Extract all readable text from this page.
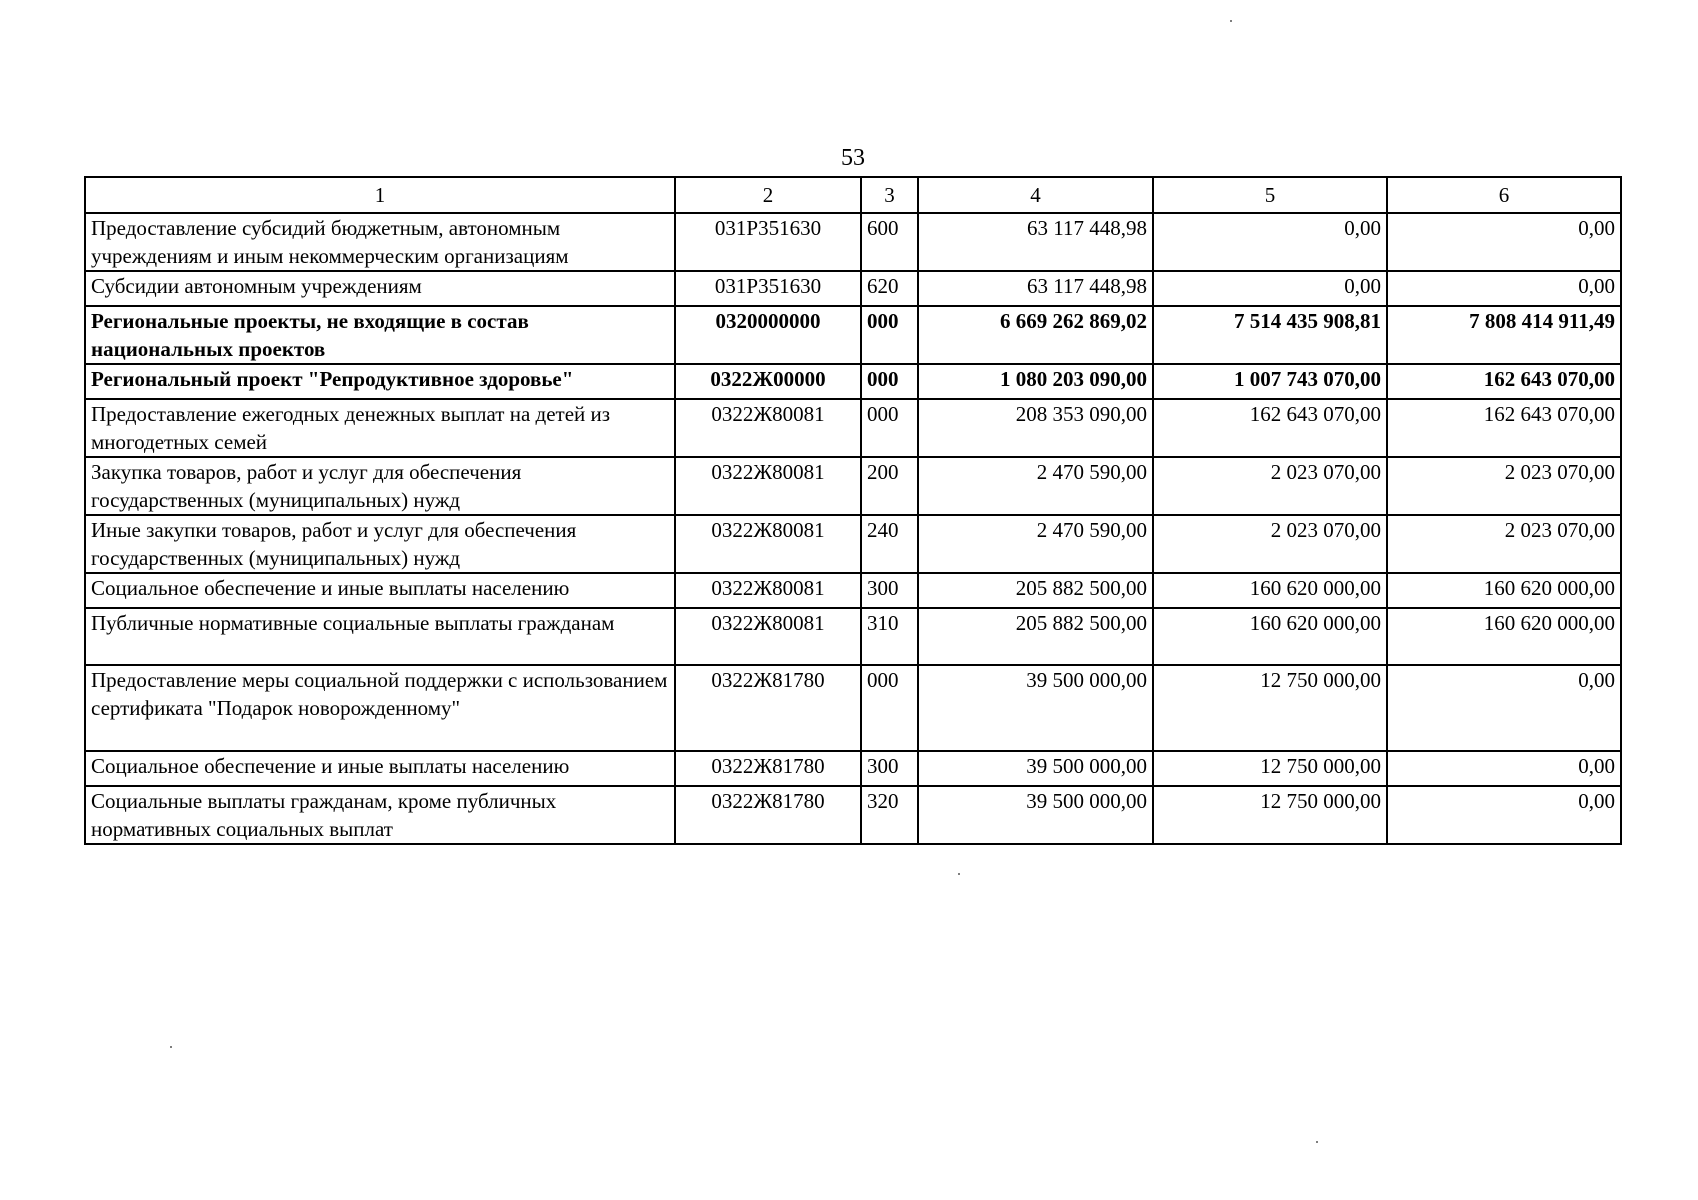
53
1	2	3	4	5	6
Предоставление субсидий бюджетным, автономным учреждениям и иным некоммерческим организациям	031P351630	600	63 117 448,98	0,00	0,00
Субсидии автономным учреждениям	031P351630	620	63 117 448,98	0,00	0,00
Региональные проекты, не входящие в состав национальных проектов	0320000000	000	6 669 262 869,02	7 514 435 908,81	7 808 414 911,49
Региональный проект "Репродуктивное здоровье"	0322Ж00000	000	1 080 203 090,00	1 007 743 070,00	162 643 070,00
Предоставление ежегодных денежных выплат на детей из многодетных семей	0322Ж80081	000	208 353 090,00	162 643 070,00	162 643 070,00
Закупка товаров, работ и услуг для обеспечения государственных (муниципальных) нужд	0322Ж80081	200	2 470 590,00	2 023 070,00	2 023 070,00
Иные закупки товаров, работ и услуг для обеспечения государственных (муниципальных) нужд	0322Ж80081	240	2 470 590,00	2 023 070,00	2 023 070,00
Социальное обеспечение и иные выплаты населению	0322Ж80081	300	205 882 500,00	160 620 000,00	160 620 000,00
Публичные нормативные социальные выплаты гражданам	0322Ж80081	310	205 882 500,00	160 620 000,00	160 620 000,00
Предоставление меры социальной поддержки с использованием сертификата "Подарок новорожденному"	0322Ж81780	000	39 500 000,00	12 750 000,00	0,00
Социальное обеспечение и иные выплаты населению	0322Ж81780	300	39 500 000,00	12 750 000,00	0,00
Социальные выплаты гражданам, кроме публичных нормативных социальных выплат	0322Ж81780	320	39 500 000,00	12 750 000,00	0,00
